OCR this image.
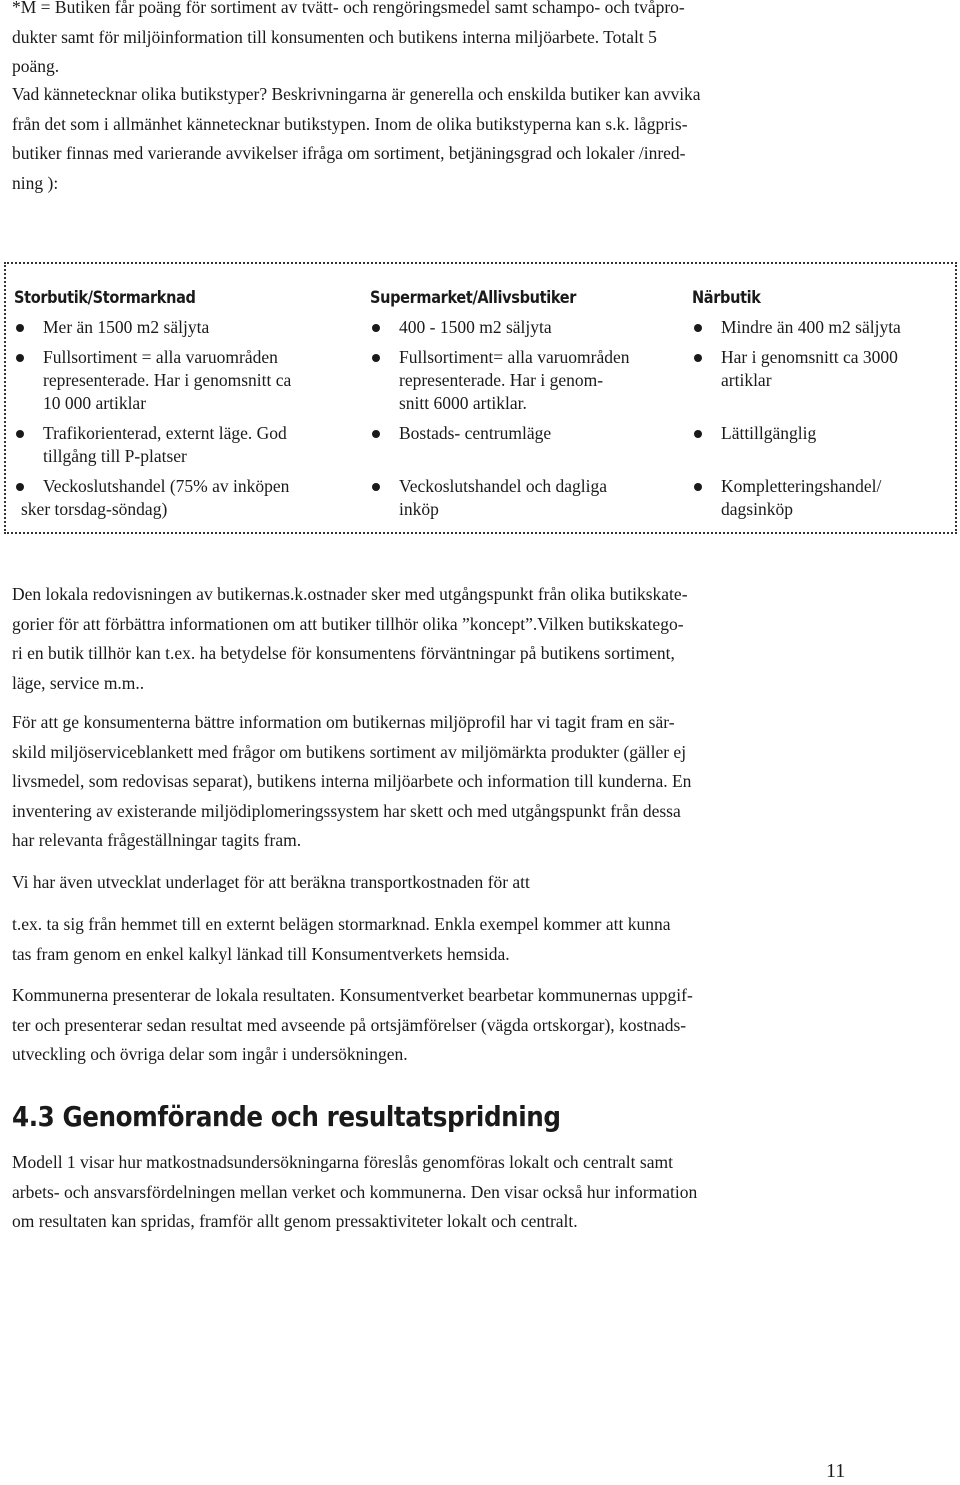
*M = Butiken får poäng för sortiment av tvätt- och rengöringsmedel samt schampo- och tvåpro-
dukter samt för miljöinformation till konsumenten och butikens interna miljöarbete. Totalt 5
poäng.
Vad kännetecknar olika butikstyper? Beskrivningarna är generella och enskilda butiker kan avvika
från det som i allmänhet kännetecknar butikstypen. Inom de olika butikstyperna kan s.k. lågpris-
butiker finnas med varierande avvikelser ifråga om sortiment, betjäningsgrad och lokaler /inred-
ning ):
Storbutik/Stormarknad
Mer än 1500 m2 säljyta
Fullsortiment = alla varuområden
representerade. Har i genomsnitt ca
10 000 artiklar
Trafikorienterad, externt läge. God
tillgång till P-platser
Veckoslutshandel (75% av inköpen
sker torsdag-söndag)
Supermarket/Allivsbutiker
400 - 1500 m2 säljyta
Fullsortiment= alla varuområden
representerade. Har i genom-
snitt 6000 artiklar.
Bostads- centrumläge
Veckoslutshandel och dagliga
inköp
Närbutik
Mindre än 400 m2 säljyta
Har i genomsnitt ca 3000
artiklar
Lättillgänglig
Kompletteringshandel/
dagsinköp
Den lokala redovisningen av butikernas.k.ostnader sker med utgångspunkt från olika butikskate-
gorier för att förbättra informationen om att butiker tillhör olika ”koncept”.Vilken butikskatego-
ri en butik tillhör kan t.ex. ha betydelse för konsumentens förväntningar på butikens sortiment,
läge, service m.m..
För att ge konsumenterna bättre information om butikernas miljöprofil har vi tagit fram en sär-
skild miljöserviceblankett med frågor om butikens sortiment av miljömärkta produkter (gäller ej
livsmedel, som redovisas separat), butikens interna miljöarbete och information till kunderna. En
inventering av existerande miljödiplomeringssystem har skett och med utgångspunkt från dessa
har relevanta frågeställningar tagits fram.
Vi har även utvecklat underlaget för att beräkna transportkostnaden för att
t.ex. ta sig från hemmet till en externt belägen stormarknad. Enkla exempel kommer att kunna
tas fram genom en enkel kalkyl länkad till Konsumentverkets hemsida.
Kommunerna presenterar de lokala resultaten. Konsumentverket bearbetar kommunernas uppgif-
ter och presenterar sedan resultat med avseende på ortsjämförelser (vägda ortskorgar), kostnads-
utveckling och övriga delar som ingår i undersökningen.
4.3 Genomförande och resultatspridning
Modell 1 visar hur matkostnadsundersökningarna föreslås genomföras lokalt och centralt samt
arbets- och ansvarsfördelningen mellan verket och kommunerna. Den visar också hur information
om resultaten kan spridas, framför allt genom pressaktiviteter lokalt och centralt.
11
